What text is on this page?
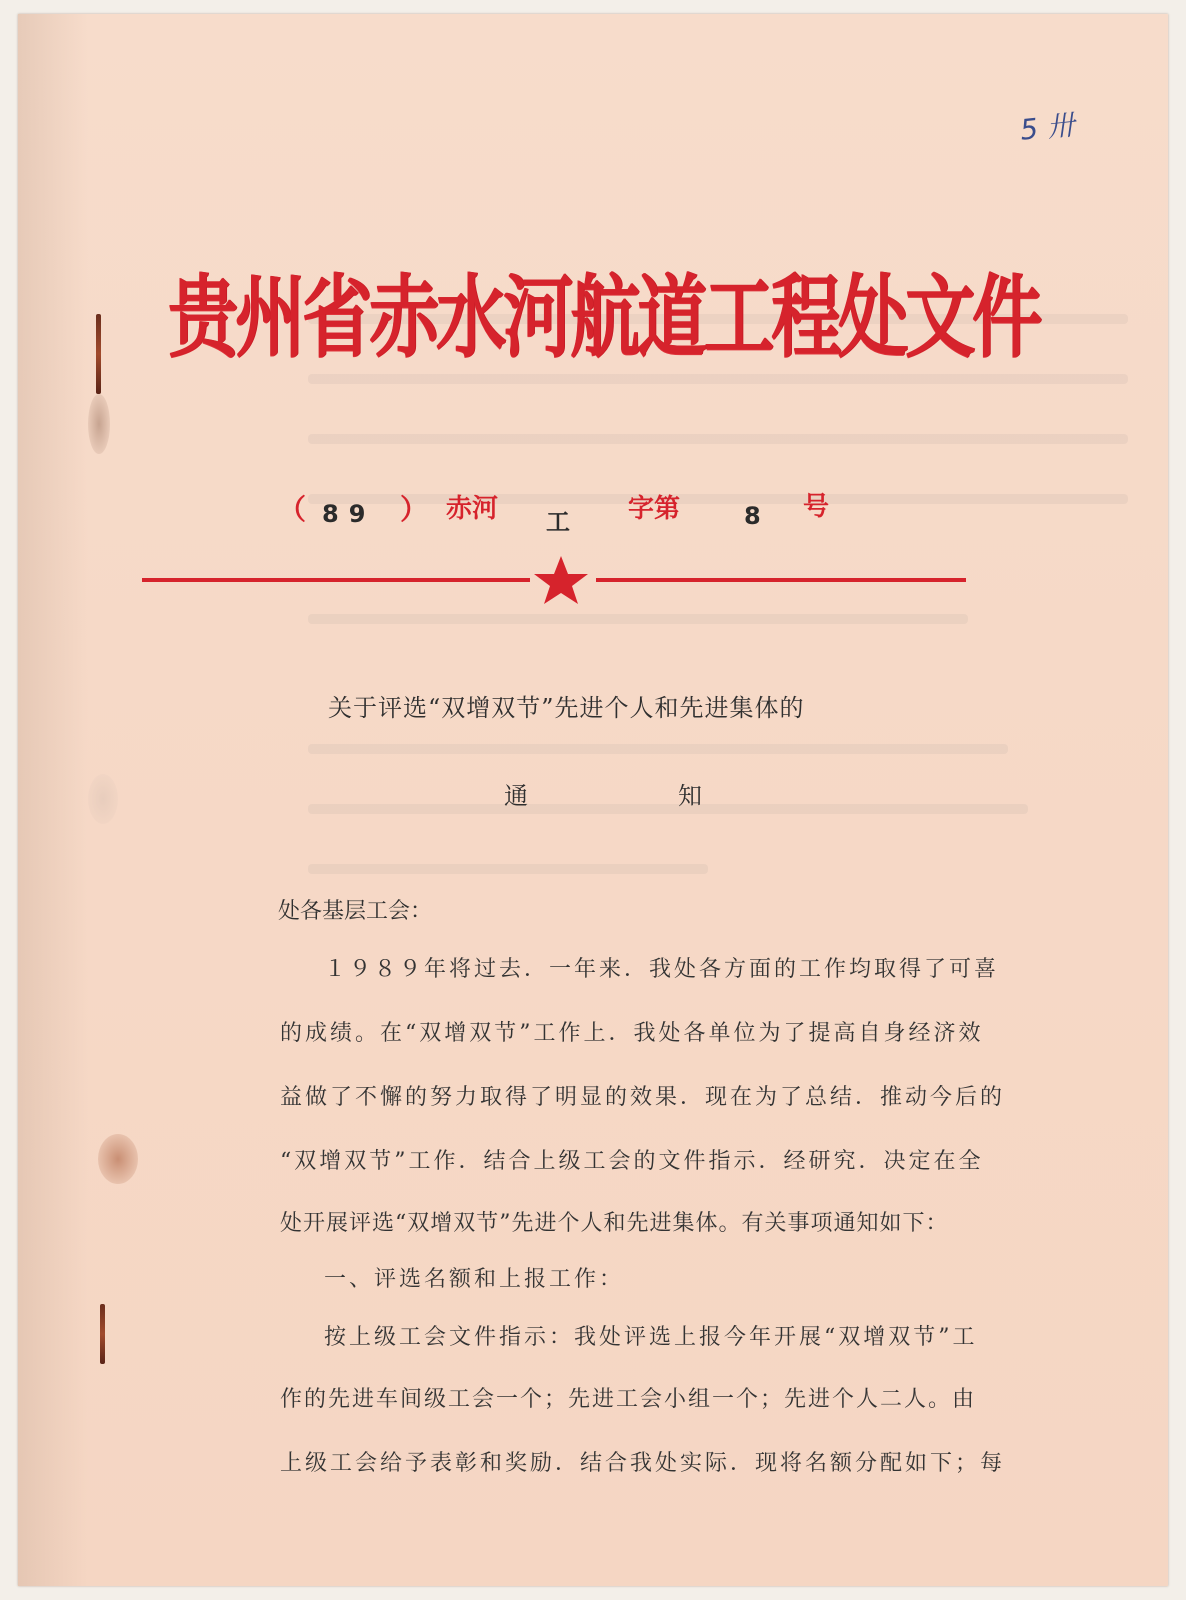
5 卅
贵州省赤水河航道工程处文件
（ 89 ） 赤河 工 字第	8 号
关于评选“双增双节”先进个人和先进集体的
通知
处各基层工会：
１９８９年将过去．一年来．我处各方面的工作均取得了可喜
的成绩。在“双增双节”工作上．我处各单位为了提高自身经济效
益做了不懈的努力取得了明显的效果．现在为了总结．推动今后的
“双增双节”工作．结合上级工会的文件指示．经研究．决定在全
处开展评选“双增双节”先进个人和先进集体。有关事项通知如下：
一、评选名额和上报工作：
按上级工会文件指示：我处评选上报今年开展“双增双节”工
作的先进车间级工会一个；先进工会小组一个；先进个人二人。由
上级工会给予表彰和奖励．结合我处实际．现将名额分配如下；每
